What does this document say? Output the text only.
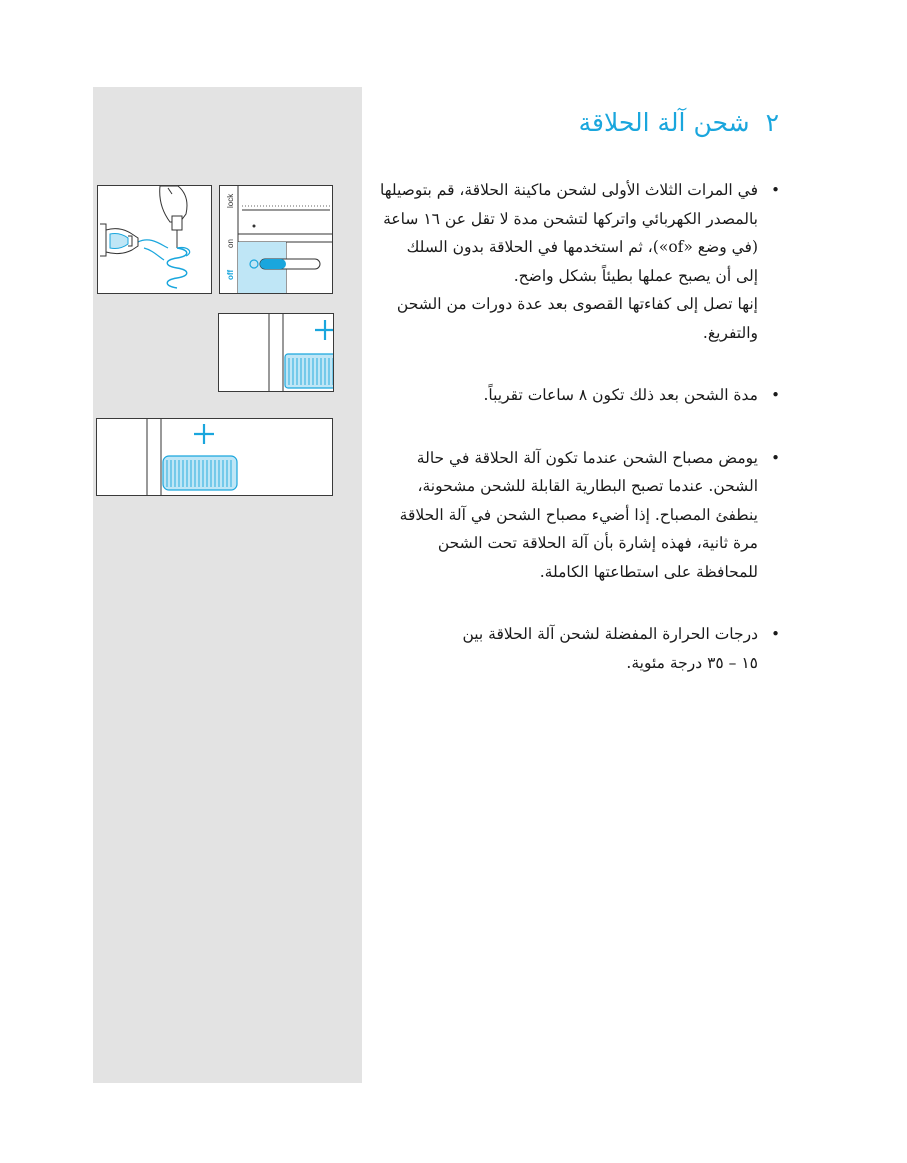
lock
on
off
٢
شحن آلة الحلاقة
•

في المرات الثلاث الأولى لشحن ماكينة الحلاقة، قم بتوصيلها بالمصدر الكهربائي واتركها لتشحن مدة لا تقل عن ١٦ ساعة (في وضع «of»)، ثم استخدمها في الحلاقة بدون السلك إلى أن يصبح عملها بطيئاً بشكل واضح.

إنها تصل إلى كفاءتها القصوى بعد عدة دورات من الشحن والتفريغ.

•

مدة الشحن بعد ذلك تكون ٨ ساعات تقريباً.

•

يومض مصباح الشحن عندما تكون آلة الحلاقة في حالة الشحن. عندما تصبح البطارية القابلة للشحن مشحونة، ينطفئ المصباح. إذا أضيء مصباح الشحن في آلة الحلاقة مرة ثانية، فهذه إشارة بأن آلة الحلاقة تحت الشحن للمحافظة على استطاعتها الكاملة.

•

درجات الحرارة المفضلة لشحن آلة الحلاقة بين ١٥ – ٣٥ درجة مئوية.
